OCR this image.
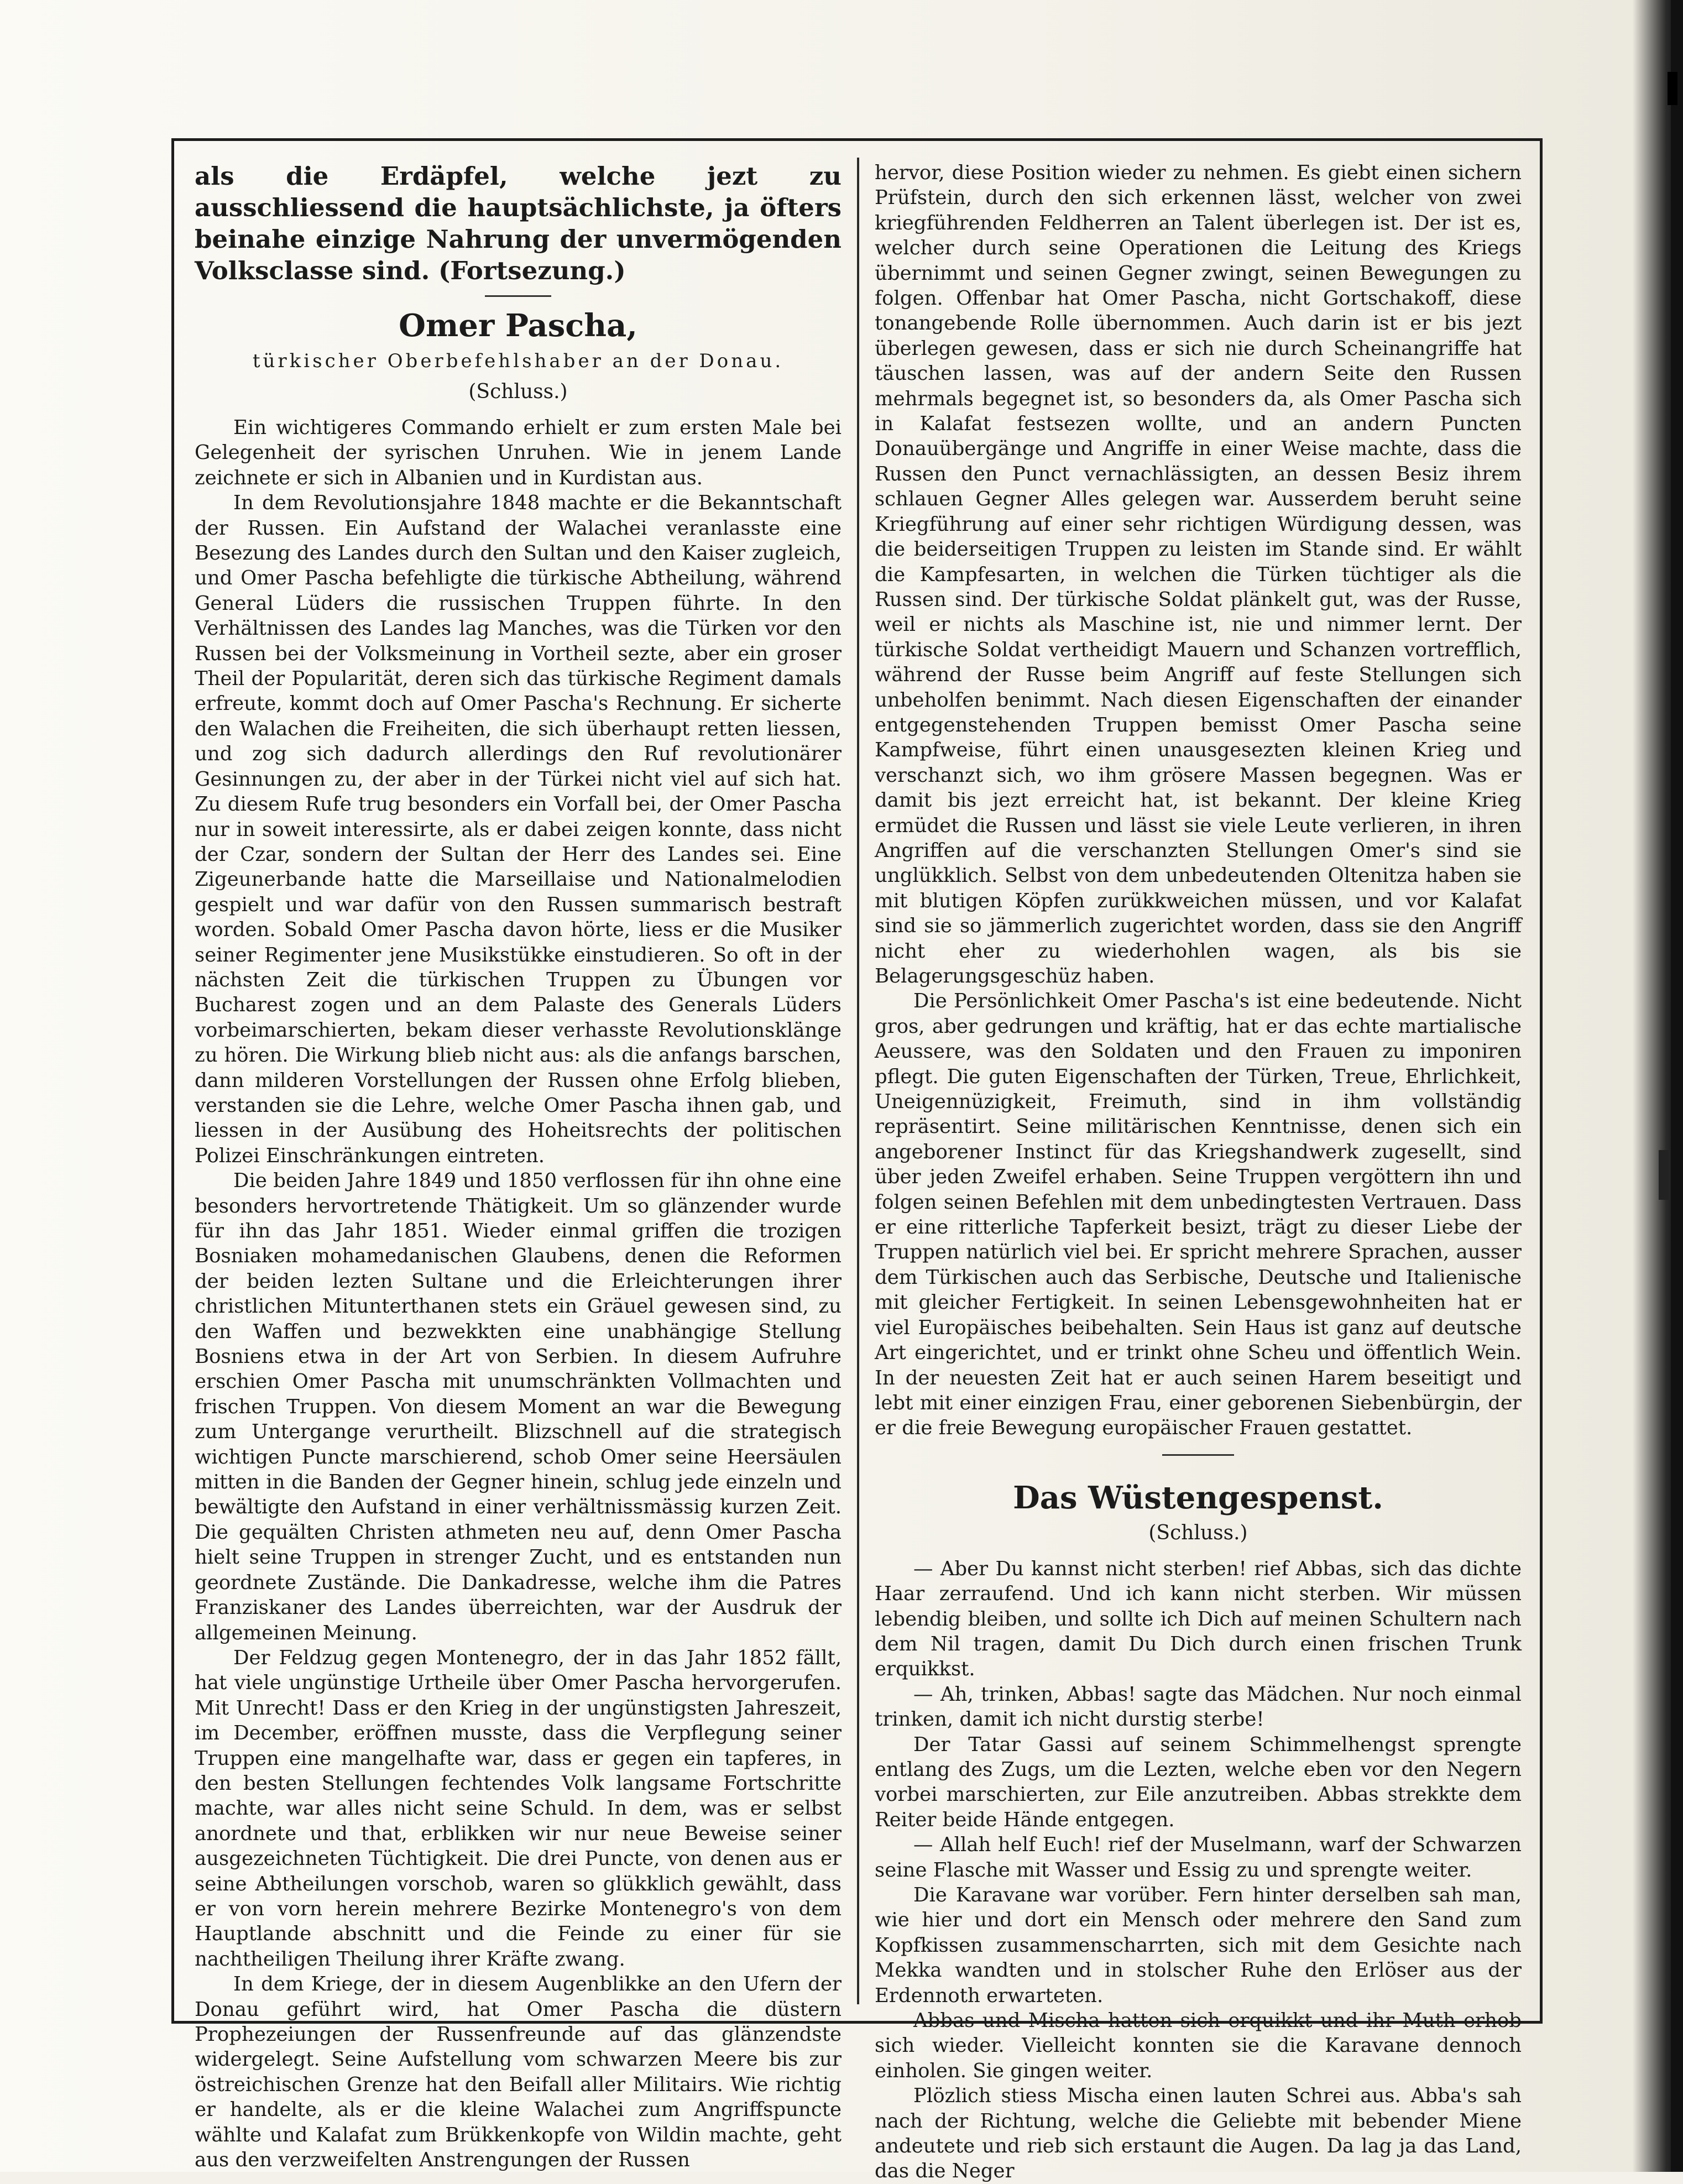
als die Erdäpfel, welche jezt zu ausschliessend die hauptsächlichste, ja öfters beinahe einzige Nahrung der unvermögenden Volksclasse sind. (Fortsezung.)

Omer Pascha,

türkischer Oberbefehlshaber an der Donau.

(Schluss.)

Ein wichtigeres Commando erhielt er zum ersten Male bei Gelegenheit der syrischen Unruhen. Wie in jenem Lande zeichnete er sich in Albanien und in Kurdistan aus.

In dem Revolutionsjahre 1848 machte er die Bekanntschaft der Russen. Ein Aufstand der Walachei veranlasste eine Besezung des Landes durch den Sultan und den Kaiser zugleich, und Omer Pascha befehligte die türkische Abtheilung, während General Lüders die russischen Truppen führte. In den Verhältnissen des Landes lag Manches, was die Türken vor den Russen bei der Volksmeinung in Vortheil sezte, aber ein groser Theil der Popularität, deren sich das türkische Regiment damals erfreute, kommt doch auf Omer Pascha's Rechnung. Er sicherte den Walachen die Freiheiten, die sich überhaupt retten liessen, und zog sich dadurch allerdings den Ruf revolutionärer Gesinnungen zu, der aber in der Türkei nicht viel auf sich hat. Zu diesem Rufe trug besonders ein Vorfall bei, der Omer Pascha nur in soweit interessirte, als er dabei zeigen konnte, dass nicht der Czar, sondern der Sultan der Herr des Landes sei. Eine Zigeunerbande hatte die Marseillaise und Nationalmelodien gespielt und war dafür von den Russen summarisch bestraft worden. Sobald Omer Pascha davon hörte, liess er die Musiker seiner Regimenter jene Musikstükke einstudieren. So oft in der nächsten Zeit die türkischen Truppen zu Übungen vor Bucharest zogen und an dem Palaste des Generals Lüders vorbeimarschierten, bekam dieser verhasste Revolutionsklänge zu hören. Die Wirkung blieb nicht aus: als die anfangs barschen, dann milderen Vorstellungen der Russen ohne Erfolg blieben, verstanden sie die Lehre, welche Omer Pascha ihnen gab, und liessen in der Ausübung des Hoheitsrechts der politischen Polizei Einschränkungen eintreten.

Die beiden Jahre 1849 und 1850 verflossen für ihn ohne eine besonders hervortretende Thätigkeit. Um so glänzender wurde für ihn das Jahr 1851. Wieder einmal griffen die trozigen Bosniaken mohamedanischen Glaubens, denen die Reformen der beiden lezten Sultane und die Erleichterungen ihrer christlichen Mitunterthanen stets ein Gräuel gewesen sind, zu den Waffen und bezwekkten eine unabhängige Stellung Bosniens etwa in der Art von Serbien. In diesem Aufruhre erschien Omer Pascha mit unumschränkten Vollmachten und frischen Truppen. Von diesem Moment an war die Bewegung zum Untergange verurtheilt. Blizschnell auf die strategisch wichtigen Puncte marschierend, schob Omer seine Heersäulen mitten in die Banden der Gegner hinein, schlug jede einzeln und bewältigte den Aufstand in einer verhältnissmässig kurzen Zeit. Die gequälten Christen athmeten neu auf, denn Omer Pascha hielt seine Truppen in strenger Zucht, und es entstanden nun geordnete Zustände. Die Dankadresse, welche ihm die Patres Franziskaner des Landes überreichten, war der Ausdruk der allgemeinen Meinung.

Der Feldzug gegen Montenegro, der in das Jahr 1852 fällt, hat viele ungünstige Urtheile über Omer Pascha hervorgerufen. Mit Unrecht! Dass er den Krieg in der ungünstigsten Jahreszeit, im December, eröffnen musste, dass die Verpflegung seiner Truppen eine mangelhafte war, dass er gegen ein tapferes, in den besten Stellungen fechtendes Volk langsame Fortschritte machte, war alles nicht seine Schuld. In dem, was er selbst anordnete und that, erblikken wir nur neue Beweise seiner ausgezeichneten Tüchtigkeit. Die drei Puncte, von denen aus er seine Abtheilungen vorschob, waren so glükklich gewählt, dass er von vorn herein mehrere Bezirke Montenegro's von dem Hauptlande abschnitt und die Feinde zu einer für sie nachtheiligen Theilung ihrer Kräfte zwang.

In dem Kriege, der in diesem Augenblikke an den Ufern der Donau geführt wird, hat Omer Pascha die düstern Prophezeiungen der Russenfreunde auf das glänzendste widergelegt. Seine Aufstellung vom schwarzen Meere bis zur östreichischen Grenze hat den Beifall aller Militairs. Wie richtig er handelte, als er die kleine Walachei zum Angriffspuncte wählte und Kalafat zum Brükkenkopfe von Wildin machte, geht aus den verzweifelten Anstrengungen der Russen

hervor, diese Position wieder zu nehmen. Es giebt einen sichern Prüfstein, durch den sich erkennen lässt, welcher von zwei kriegführenden Feldherren an Talent überlegen ist. Der ist es, welcher durch seine Operationen die Leitung des Kriegs übernimmt und seinen Gegner zwingt, seinen Bewegungen zu folgen. Offenbar hat Omer Pascha, nicht Gortschakoff, diese tonangebende Rolle übernommen. Auch darin ist er bis jezt überlegen gewesen, dass er sich nie durch Scheinangriffe hat täuschen lassen, was auf der andern Seite den Russen mehrmals begegnet ist, so besonders da, als Omer Pascha sich in Kalafat festsezen wollte, und an andern Puncten Donauübergänge und Angriffe in einer Weise machte, dass die Russen den Punct vernachlässigten, an dessen Besiz ihrem schlauen Gegner Alles gelegen war. Ausserdem beruht seine Kriegführung auf einer sehr richtigen Würdigung dessen, was die beiderseitigen Truppen zu leisten im Stande sind. Er wählt die Kampfesarten, in welchen die Türken tüchtiger als die Russen sind. Der türkische Soldat plänkelt gut, was der Russe, weil er nichts als Maschine ist, nie und nimmer lernt. Der türkische Soldat vertheidigt Mauern und Schanzen vortrefflich, während der Russe beim Angriff auf feste Stellungen sich unbeholfen benimmt. Nach diesen Eigenschaften der einander entgegenstehenden Truppen bemisst Omer Pascha seine Kampfweise, führt einen unausgesezten kleinen Krieg und verschanzt sich, wo ihm grösere Massen begegnen. Was er damit bis jezt erreicht hat, ist bekannt. Der kleine Krieg ermüdet die Russen und lässt sie viele Leute verlieren, in ihren Angriffen auf die verschanzten Stellungen Omer's sind sie unglükklich. Selbst von dem unbedeutenden Oltenitza haben sie mit blutigen Köpfen zurükkweichen müssen, und vor Kalafat sind sie so jämmerlich zugerichtet worden, dass sie den Angriff nicht eher zu wiederhohlen wagen, als bis sie Belagerungsgeschüz haben.

Die Persönlichkeit Omer Pascha's ist eine bedeutende. Nicht gros, aber gedrungen und kräftig, hat er das echte martialische Aeussere, was den Soldaten und den Frauen zu imponiren pflegt. Die guten Eigenschaften der Türken, Treue, Ehrlichkeit, Uneigennüzigkeit, Freimuth, sind in ihm vollständig repräsentirt. Seine militärischen Kenntnisse, denen sich ein angeborener Instinct für das Kriegshandwerk zugesellt, sind über jeden Zweifel erhaben. Seine Truppen vergöttern ihn und folgen seinen Befehlen mit dem unbedingtesten Vertrauen. Dass er eine ritterliche Tapferkeit besizt, trägt zu dieser Liebe der Truppen natürlich viel bei. Er spricht mehrere Sprachen, ausser dem Türkischen auch das Serbische, Deutsche und Italienische mit gleicher Fertigkeit. In seinen Lebensgewohnheiten hat er viel Europäisches beibehalten. Sein Haus ist ganz auf deutsche Art eingerichtet, und er trinkt ohne Scheu und öffentlich Wein. In der neuesten Zeit hat er auch seinen Harem beseitigt und lebt mit einer einzigen Frau, einer geborenen Siebenbürgin, der er die freie Bewegung europäischer Frauen gestattet.

Das Wüstengespenst.

(Schluss.)

— Aber Du kannst nicht sterben! rief Abbas, sich das dichte Haar zerraufend. Und ich kann nicht sterben. Wir müssen lebendig bleiben, und sollte ich Dich auf meinen Schultern nach dem Nil tragen, damit Du Dich durch einen frischen Trunk erquikkst.

— Ah, trinken, Abbas! sagte das Mädchen. Nur noch einmal trinken, damit ich nicht durstig sterbe!

Der Tatar Gassi auf seinem Schimmelhengst sprengte entlang des Zugs, um die Lezten, welche eben vor den Negern vorbei marschierten, zur Eile anzutreiben. Abbas strekkte dem Reiter beide Hände entgegen.

— Allah helf Euch! rief der Muselmann, warf der Schwarzen seine Flasche mit Wasser und Essig zu und sprengte weiter.

Die Karavane war vorüber. Fern hinter derselben sah man, wie hier und dort ein Mensch oder mehrere den Sand zum Kopfkissen zusammenscharrten, sich mit dem Gesichte nach Mekka wandten und in stolscher Ruhe den Erlöser aus der Erdennoth erwarteten.

Abbas und Mischa hatten sich erquikkt und ihr Muth erhob sich wieder. Vielleicht konnten sie die Karavane dennoch einholen. Sie gingen weiter.

Plözlich stiess Mischa einen lauten Schrei aus. Abba's sah nach der Richtung, welche die Geliebte mit bebender Miene andeutete und rieb sich erstaunt die Augen. Da lag ja das Land, das die Neger
